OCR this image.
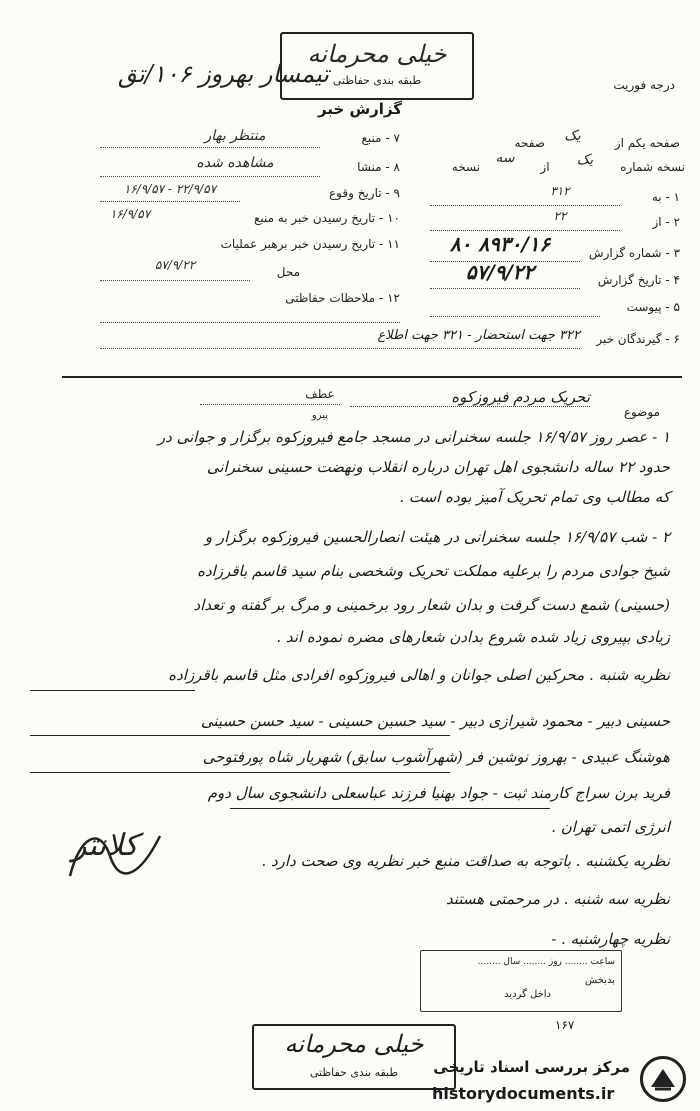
تیمسار بهروز ۱۰۶/تق
خیلی محرمانه
طبقه بندی حفاظتی	درجه فوریت
گزارش خبر
۷ - منبع
منتظر بهار
۸ - منشا
مشاهده شده
۹ - تاریخ وقوع
۲۲/۹/۵۷ - ۱۶/۹/۵۷
۱۰ - تاریخ رسیدن خبر به منبع
۱۶/۹/۵۷
۱۱ - تاریخ رسیدن خبر برهبر عملیات
محل
۵۷/۹/۲۲
۱۲ - ملاحظات حفاظتی
صفحه یکم از
یک
صفحه
نسخه شماره
یک
از
سه
نسخه
۱ - به
۳۱۲
۲ - از
۲۲
۳ - شماره گزارش
۸۹۳۰/۱۶ ۸۰
۴ - تاریخ گزارش
۵۷/۹/۲۲
۵ - پیوست
۶ - گیرندگان خبر
۳۲۲ جهت استحضار - ۳۲۱ جهت اطلاع
موضوع
تحریک مردم فیروزکوه
عطف
پیرو
۱ - عصر روز ۱۶/۹/۵۷ جلسه سخنرانی در مسجد جامع فیروزکوه برگزار و جوانی در
حدود ۲۲ ساله دانشجوی اهل تهران درباره انقلاب ونهضت حسینی سخنرانی
که مطالب وی تمام تحریک آمیز بوده است .
۲ - شب ۱۶/۹/۵۷ جلسه سخنرانی در هیئت انصارالحسین فیروزکوه برگزار و
شیخ جوادی مردم را برعلیه مملکت تحریک وشخصی بنام سید قاسم باقرزاده
(حسینی) شمع دست گرفت و بدان شعار رود برخمینی و مرگ بر گفته و تعداد
زیادی بپیروی زیاد شده شروع بدادن شعارهای مضره نموده اند .
نظریه شنبه . محرکین اصلی جوانان و اهالی فیروزکوه افرادی مثل قاسم باقرزاده
حسینی دبیر - محمود شیرازی دبیر - سید حسین حسینی - سید حسن حسینی
هوشنگ عبیدی - بهروز نوشین فر (شهرآشوب سابق) شهریار شاه پورفتوحی
فرید برن سراج کارمند ثبت - جواد بهنیا فرزند عباسعلی دانشجوی سال دوم
انرژی اتمی تهران .
نظریه یکشنبه . باتوجه به صداقت منبع خبر نظریه وی صحت دارد .
نظریه سه شنبه . در مرحمتی هستند
نظریه چهارشنبه . -
کلانتر
ساعت ........ روز ........ سال ........
بدبخش
داخل گردید
۱۶۷
خیلی محرمانه
طبقه بندی حفاظتی	مرکز بررسی اسناد تاریخی
historydocuments.ir
